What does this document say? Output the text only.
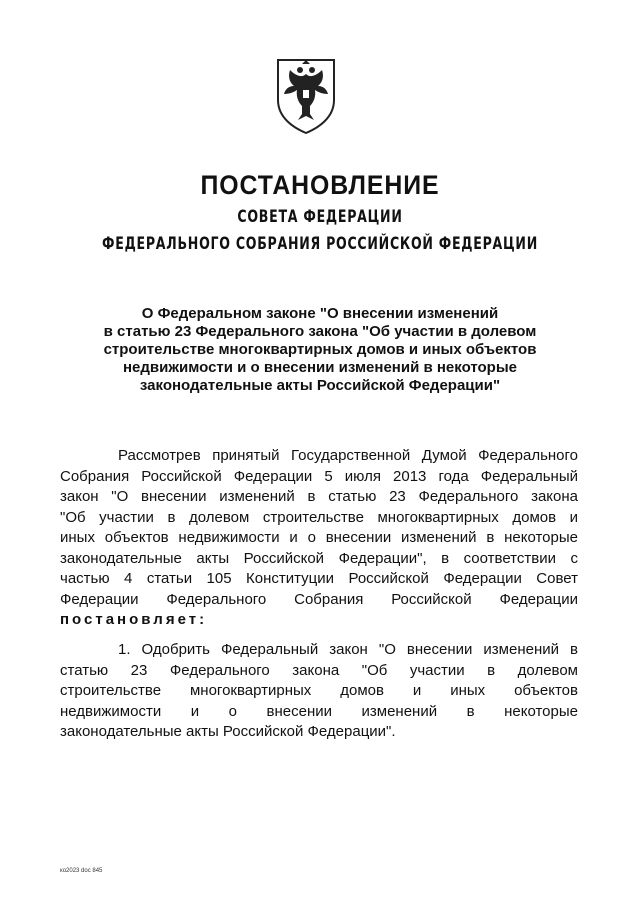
ПОСТАНОВЛЕНИЕ
СОВЕТА ФЕДЕРАЦИИ
ФЕДЕРАЛЬНОГО СОБРАНИЯ РОССИЙСКОЙ ФЕДЕРАЦИИ
О Федеральном законе "О внесении изменений
в статью 23 Федерального закона "Об участии в долевом
строительстве многоквартирных домов и иных объектов
недвижимости и о внесении изменений в некоторые
законодательные акты Российской Федерации"
Рассмотрев принятый Государственной Думой Федерального
Собрания Российской Федерации 5 июля 2013 года Федеральный
закон "О внесении изменений в статью 23 Федерального закона
"Об участии в долевом строительстве многоквартирных домов и
иных объектов недвижимости и о внесении изменений в некоторые
законодательные акты Российской Федерации", в соответствии с
частью 4 статьи 105 Конституции Российской Федерации Совет
Федерации Федерального Собрания Российской Федерации
постановляет:
1. Одобрить Федеральный закон "О внесении изменений в
статью 23 Федерального закона "Об участии в долевом
строительстве многоквартирных домов и иных объектов
недвижимости и о внесении изменений в некоторые
законодательные акты Российской Федерации".
ко2023 doc 845
